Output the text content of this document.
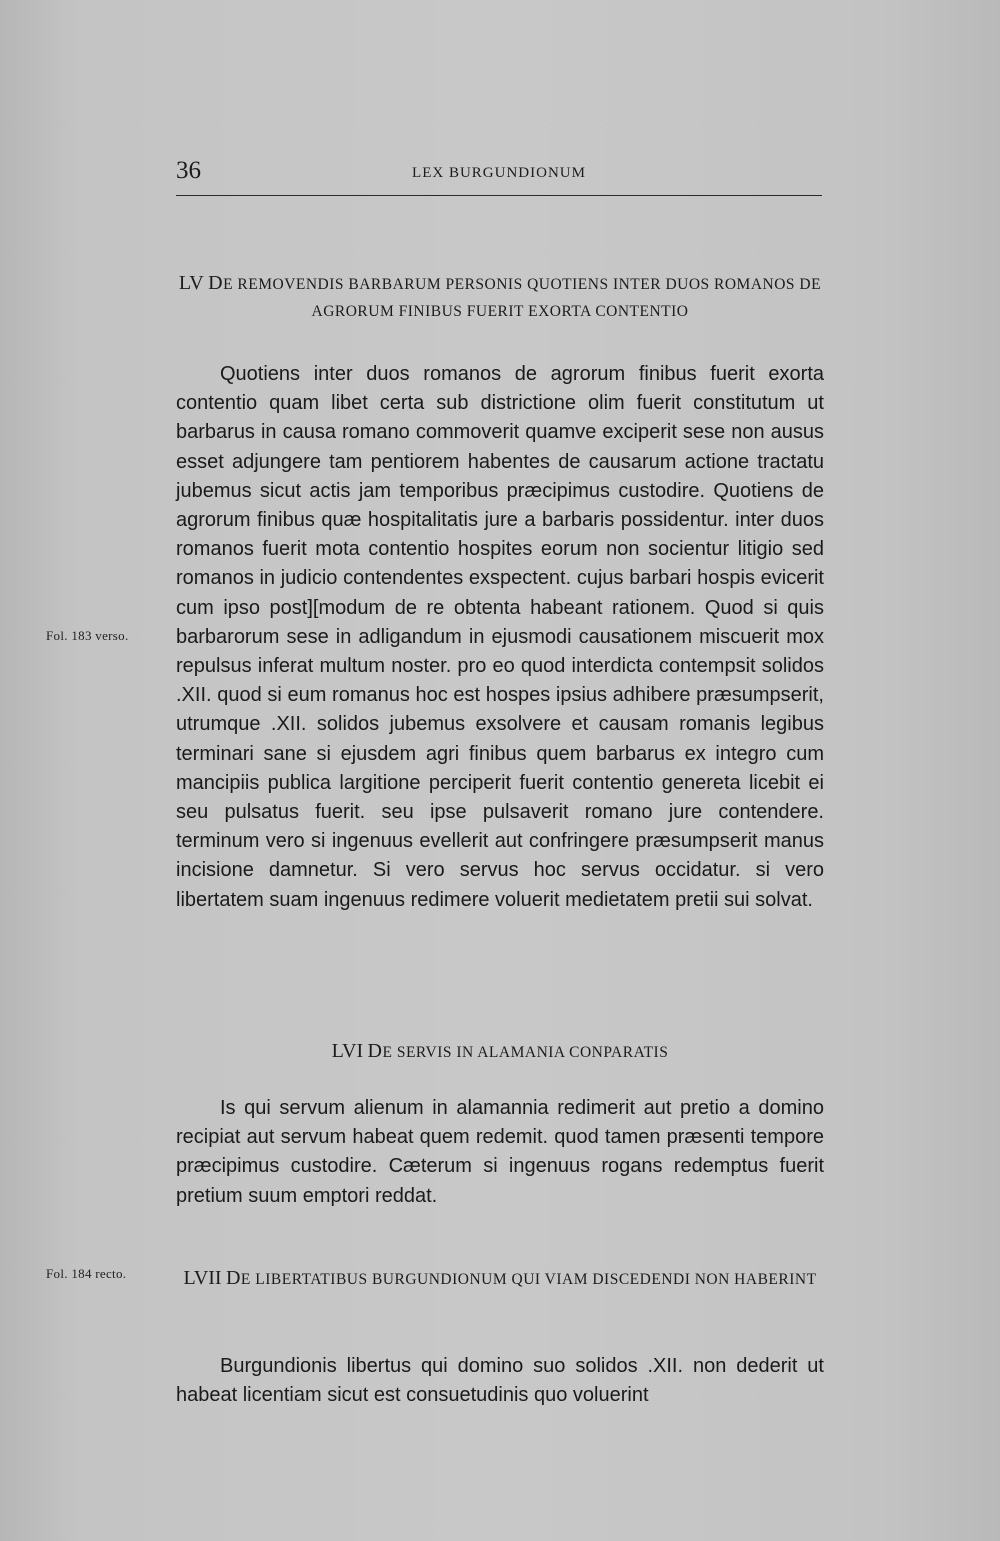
36	LEX BURGUNDIONUM
LV DE REMOVENDIS BARBARUM PERSONIS QUOTIENS INTER DUOS ROMANOS DE AGRORUM FINIBUS FUERIT EXORTA CONTENTIO

Quotiens inter duos romanos de agrorum finibus fuerit exorta contentio quam libet certa sub districtione olim fuerit constitutum ut barbarus in causa romano commoverit quamve exciperit sese non ausus esset adjungere tam pentiorem habentes de causarum actione tractatu jubemus sicut actis jam temporibus præcipimus custodire. Quotiens de agrorum finibus quæ hospitalitatis jure a barbaris possidentur. inter duos romanos fuerit mota contentio hospites eorum non socientur litigio sed romanos in judicio contendentes exspectent. cujus barbari hospis evicerit cum ipso post][modum de re obtenta habeant rationem. Quod si quis barbarorum sese in adligandum in ejusmodi causationem miscuerit mox repulsus inferat multum noster. pro eo quod interdicta contempsit solidos .XII. quod si eum romanus hoc est hospes ipsius adhibere præsumpserit, utrumque .XII. solidos jubemus exsolvere et causam romanis legibus terminari sane si ejusdem agri finibus quem barbarus ex integro cum mancipiis publica largitione perciperit fuerit contentio genereta licebit ei seu pulsatus fuerit. seu ipse pulsaverit romano jure contendere. terminum vero si ingenuus evellerit aut confringere præsumpserit manus incisione damnetur. Si vero servus hoc servus occidatur. si vero libertatem suam ingenuus redimere voluerit medietatem pretii sui solvat.

Fol. 183 verso.
LVI DE SERVIS IN ALAMANIA CONPARATIS

Is qui servum alienum in alamannia redimerit aut pretio a domino recipiat aut servum habeat quem redemit. quod tamen præsenti tempore præcipimus custodire. Cæterum si ingenuus rogans redemptus fuerit pretium suum emptori reddat.

Fol. 184 recto.	LVII DE LIBERTATIBUS BURGUNDIONUM QUI VIAM DISCEDENDI NON HABERINT

Burgundionis libertus qui domino suo solidos .XII. non dederit ut habeat licentiam sicut est consuetudinis quo voluerint
